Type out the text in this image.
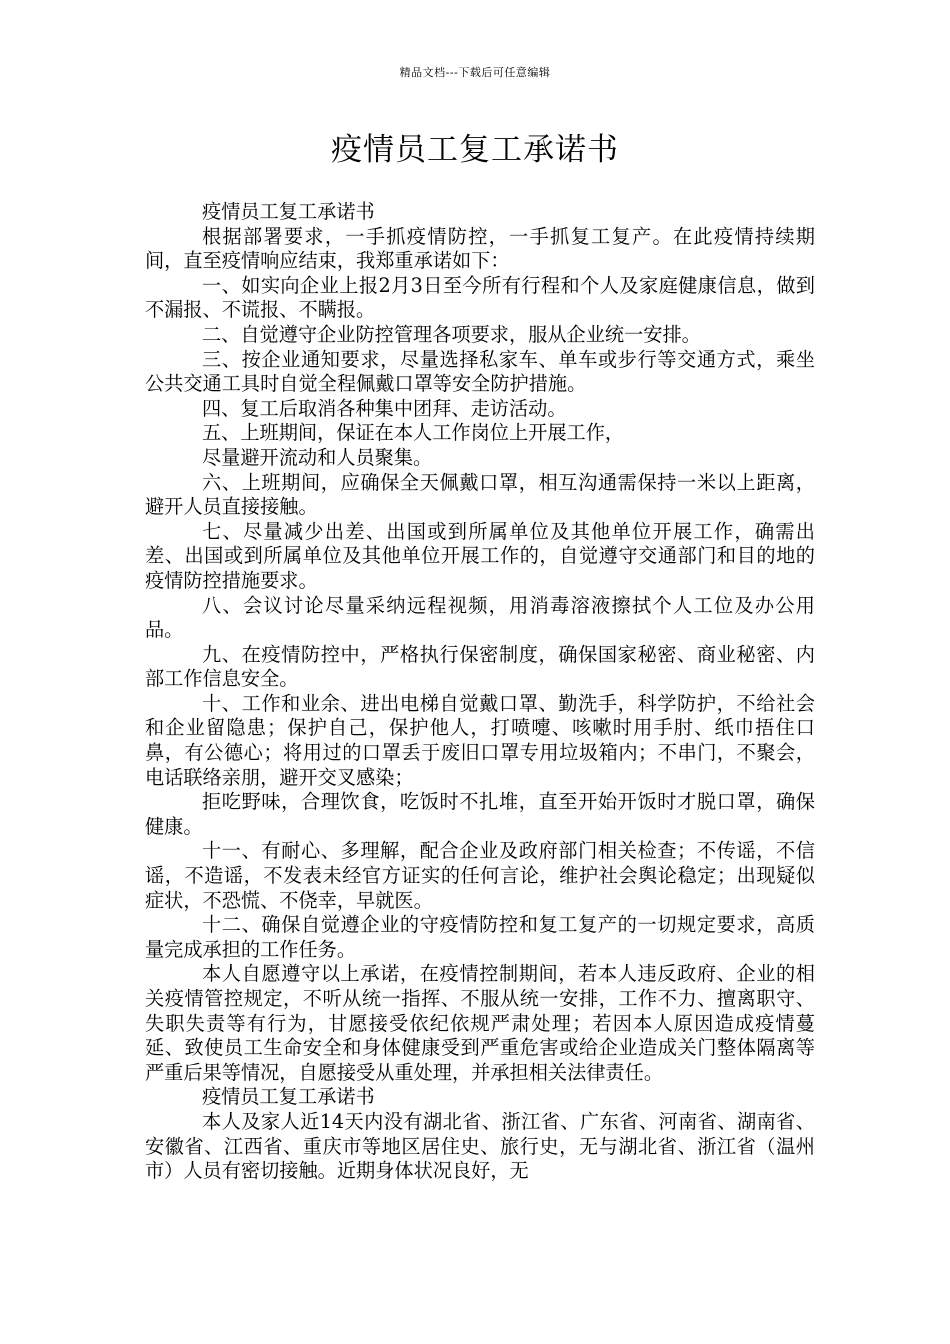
精品文档---下载后可任意编辑
疫情员工复工承诺书

疫情员工复工承诺书

根据部署要求，一手抓疫情防控，一手抓复工复产。在此疫情持续期间，直至疫情响应结束，我郑重承诺如下：

一、如实向企业上报2月3日至今所有行程和个人及家庭健康信息，做到不漏报、不谎报、不瞒报。

二、自觉遵守企业防控管理各项要求，服从企业统一安排。

三、按企业通知要求，尽量选择私家车、单车或步行等交通方式，乘坐公共交通工具时自觉全程佩戴口罩等安全防护措施。

四、复工后取消各种集中团拜、走访活动。

五、上班期间，保证在本人工作岗位上开展工作，

尽量避开流动和人员聚集。

六、上班期间，应确保全天佩戴口罩，相互沟通需保持一米以上距离，避开人员直接接触。

七、尽量减少出差、出国或到所属单位及其他单位开展工作，确需出差、出国或到所属单位及其他单位开展工作的，自觉遵守交通部门和目的地的疫情防控措施要求。

八、会议讨论尽量采纳远程视频，用消毒溶液擦拭个人工位及办公用品。

九、在疫情防控中，严格执行保密制度，确保国家秘密、商业秘密、内部工作信息安全。

十、工作和业余、进出电梯自觉戴口罩、勤洗手，科学防护，不给社会和企业留隐患；保护自己，保护他人，打喷嚏、咳嗽时用手肘、纸巾捂住口鼻，有公德心；将用过的口罩丢于废旧口罩专用垃圾箱内；不串门，不聚会，电话联络亲朋，避开交叉感染；

拒吃野味，合理饮食，吃饭时不扎堆，直至开始开饭时才脱口罩，确保健康。

十一、有耐心、多理解，配合企业及政府部门相关检查；不传谣，不信谣，不造谣，不发表未经官方证实的任何言论，维护社会舆论稳定；出现疑似症状，不恐慌、不侥幸，早就医。

十二、确保自觉遵企业的守疫情防控和复工复产的一切规定要求，高质量完成承担的工作任务。

本人自愿遵守以上承诺，在疫情控制期间，若本人违反政府、企业的相关疫情管控规定，不听从统一指挥、不服从统一安排，工作不力、擅离职守、失职失责等有行为，甘愿接受依纪依规严肃处理；若因本人原因造成疫情蔓延、致使员工生命安全和身体健康受到严重危害或给企业造成关门整体隔离等严重后果等情况，自愿接受从重处理，并承担相关法律责任。

疫情员工复工承诺书

本人及家人近14天内没有湖北省、浙江省、广东省、河南省、湖南省、安徽省、江西省、重庆市等地区居住史、旅行史，无与湖北省、浙江省（温州市）人员有密切接触。近期身体状况良好，无
